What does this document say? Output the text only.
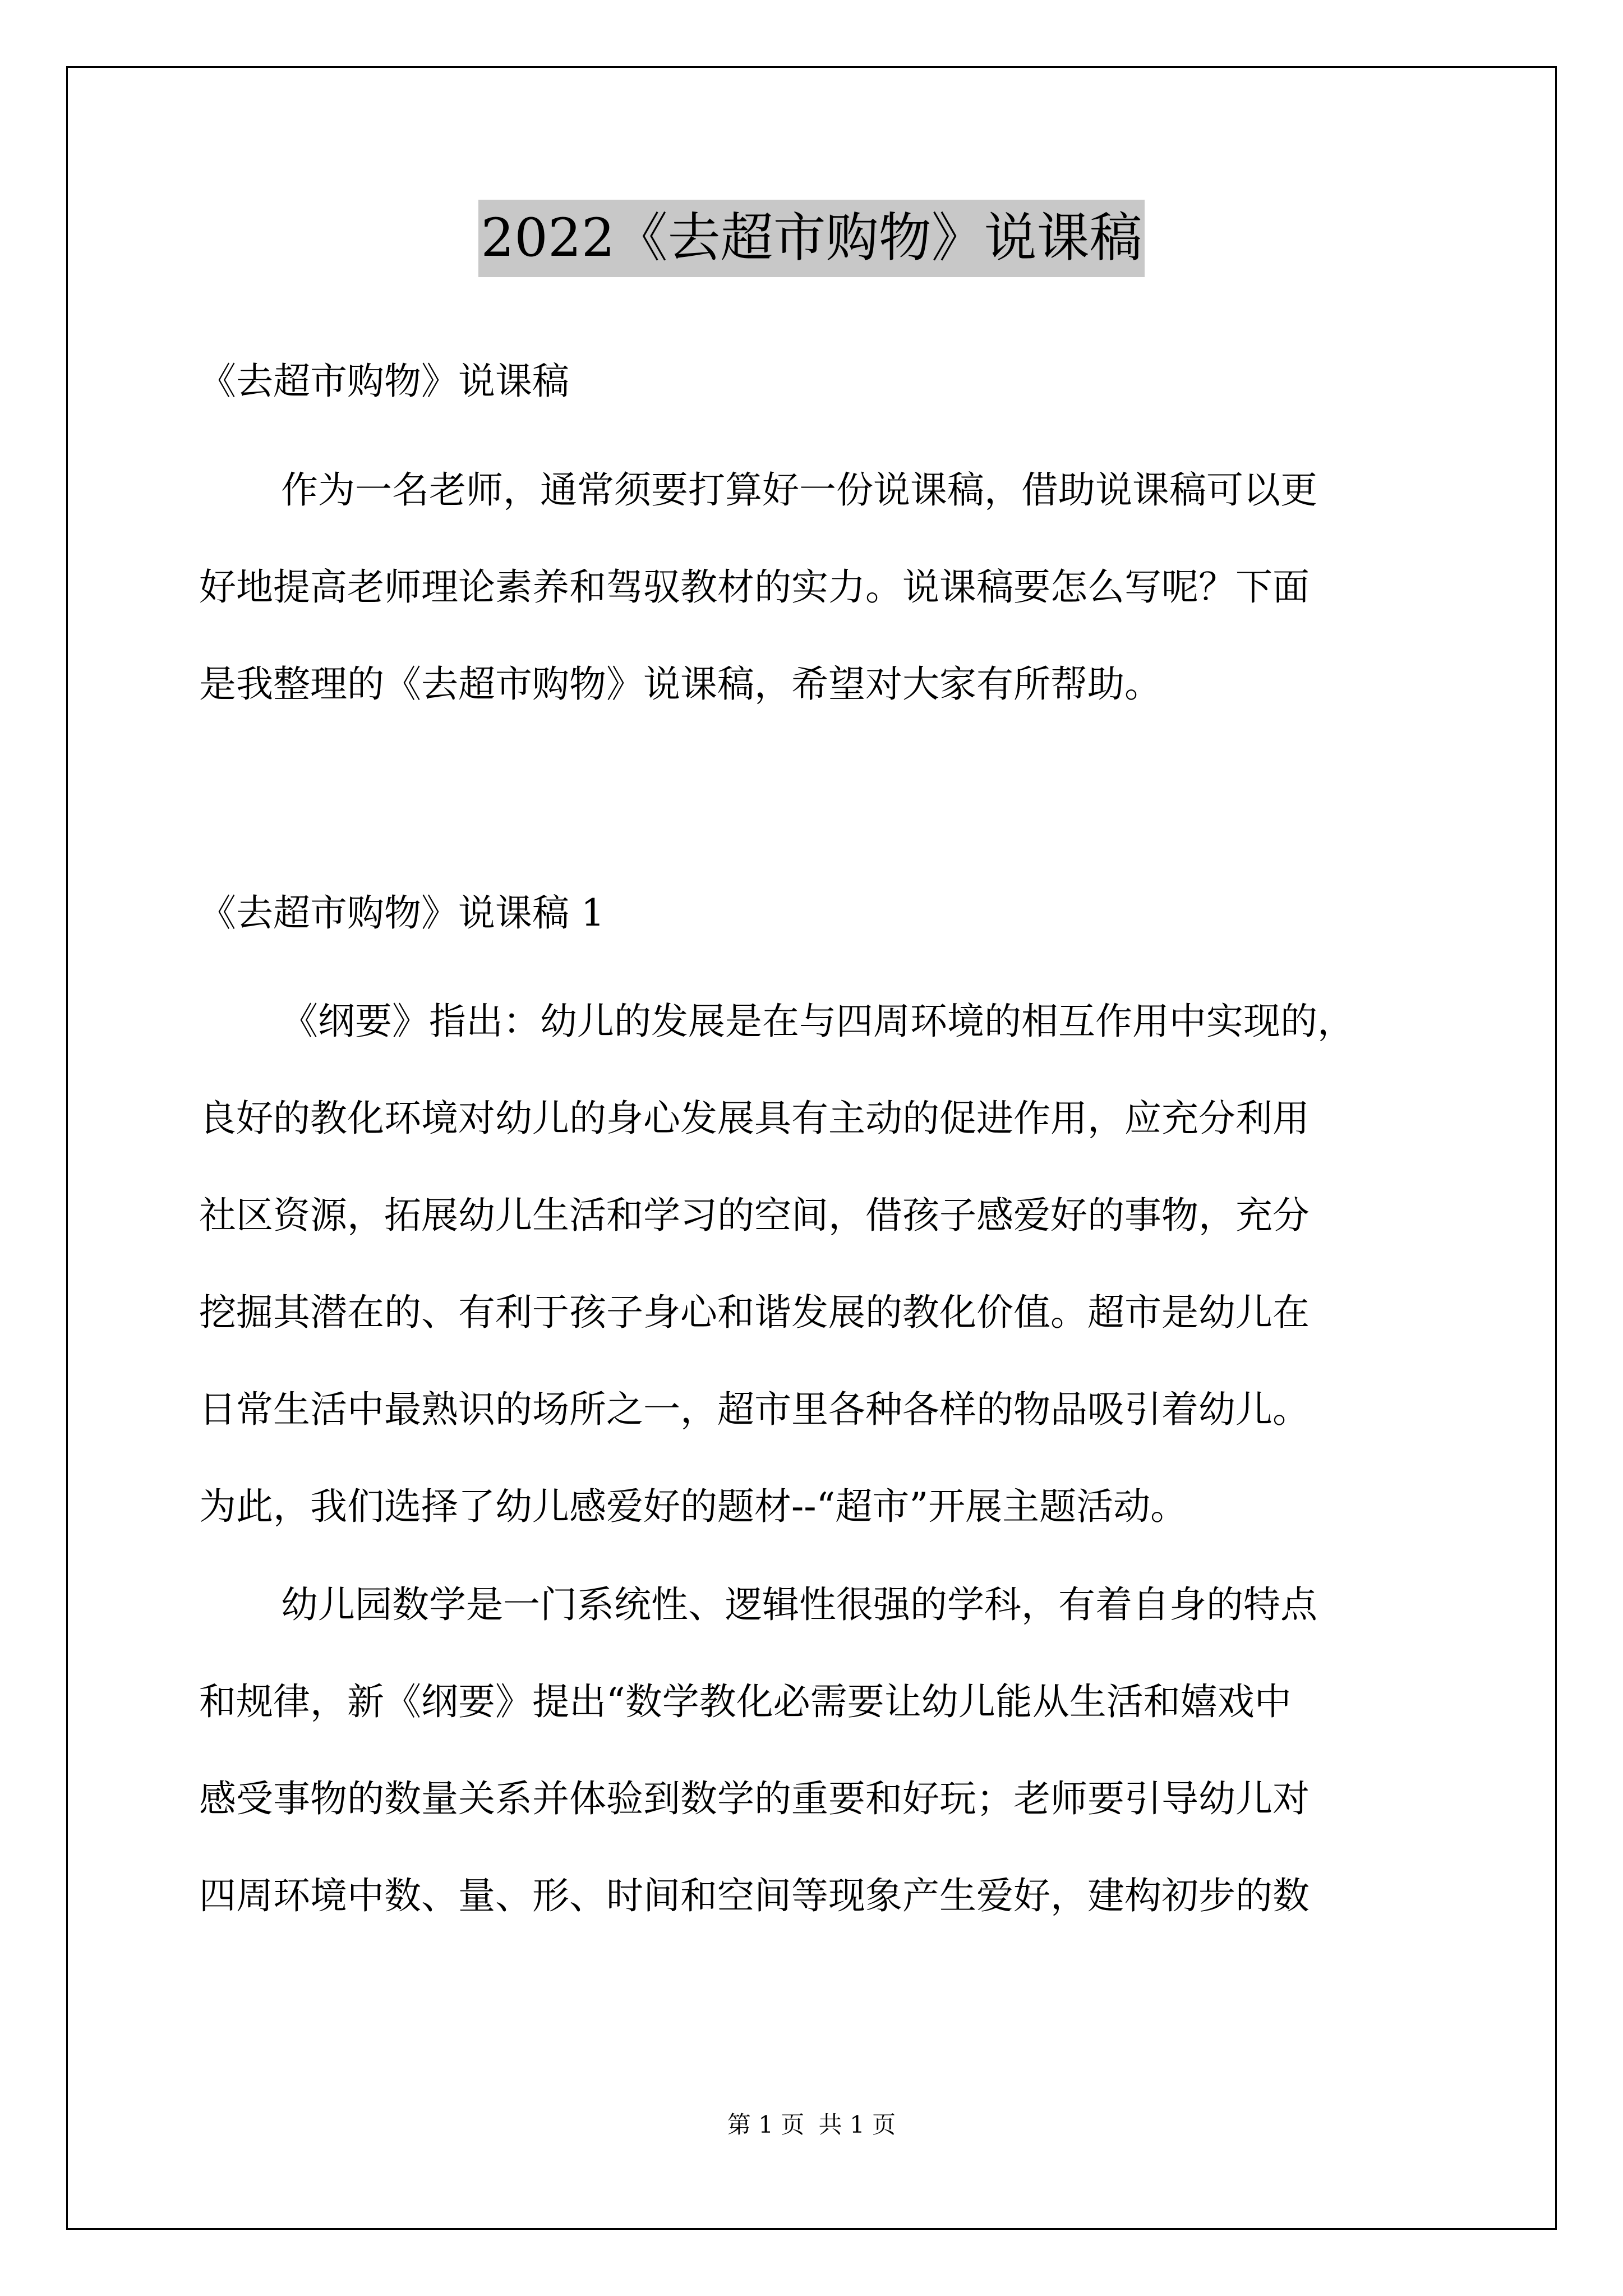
2022《去超市购物》说课稿
《去超市购物》说课稿
作为一名老师，通常须要打算好一份说课稿，借助说课稿可以更
好地提高老师理论素养和驾驭教材的实力。说课稿要怎么写呢？下面
是我整理的《去超市购物》说课稿，希望对大家有所帮助。
《去超市购物》说课稿 1
《纲要》指出：幼儿的发展是在与四周环境的相互作用中实现的，
良好的教化环境对幼儿的身心发展具有主动的促进作用，应充分利用
社区资源，拓展幼儿生活和学习的空间，借孩子感爱好的事物，充分
挖掘其潜在的、有利于孩子身心和谐发展的教化价值。超市是幼儿在
日常生活中最熟识的场所之一，超市里各种各样的物品吸引着幼儿。
为此，我们选择了幼儿感爱好的题材--“超市”开展主题活动。
幼儿园数学是一门系统性、逻辑性很强的学科，有着自身的特点
和规律，新《纲要》提出“数学教化必需要让幼儿能从生活和嬉戏中
感受事物的数量关系并体验到数学的重要和好玩；老师要引导幼儿对
四周环境中数、量、形、时间和空间等现象产生爱好，建构初步的数
第 1 页 共 1 页
